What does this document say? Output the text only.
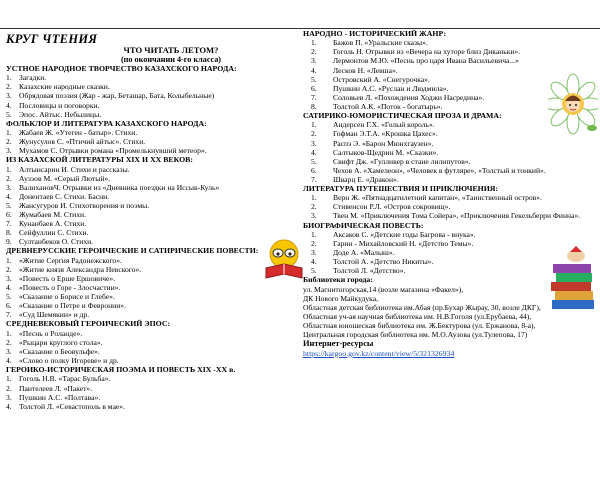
КРУГ ЧТЕНИЯ
ЧТО ЧИТАТЬ ЛЕТОМ?
(по окончании 4-го класса)
УСТНОЕ НАРОДНОЕ ТВОРЧЕСТВО КАЗАХСКОГО НАРОДА:
1. Загадки.
2. Казахские народные сказки.
3. Обрядовая поэзия (Жар - жар, Беташар, Бата, Колыбельные)
4. Пословицы и поговорки.
5. Эпос. Айтыс. Небылицы.
ФОЛЬКЛОР И ЛИТЕРАТУРА КАЗАХСКОГО НАРОДА:
1. Жабаев Ж. «Утеген - батыр». Стихи.
2. Жунусулов С. «Птичий айтыс». Стихи.
3. Мухамов С. Отрывки романа «Промелькнувший метеор».
ИЗ КАЗАХСКОЙ ЛИТЕРАТУРЫ XIX И XX ВЕКОВ:
1. Алтынсарин И. Стихи и рассказы.
2. Аузэов М. «Серый Лютый».
3. ВалихановЧ. Отрывки из «Дневника поездки на Иссык-Куль»
4. Донентаев С. Стихи. Басни.
5. Жансугуров И. Стихотворения и поэмы.
6. Жумабаев М. Стихи.
7. Кунанбаев А. Стихи.
8. Сейфуллин С. Стихи.
9. Султанбеков О. Стихи.
ДРЕВНЕРУССКИЕ ГЕРОИЧЕСКИЕ И САТИРИЧЕСКИЕ ПОВЕСТИ:
1. «Житие Сергия Радонежского».
2. «Житие князя Александра Невского».
3. «Повесть о Ерше Ершовиче».
4. «Повесть о Горе - Злосчастии».
5. «Сказание о Борисе и Глебе».
6. «Сказание о Петре и Февронии».
7. «Суд Шемякин» и др.
СРЕДНЕВЕКОВЫЙ ГЕРОИЧЕСКИЙ ЭПОС:
1. «Песнь о Роланде».
2. «Рыцари круглого стола».
3. «Сказание о Беовульфе».
4. «Слово о полку Игореве» и др.
ГЕРОИКО-ИСТОРИЧЕСКАЯ ПОЭМА И ПОВЕСТЬ XIX -XX в.
1. Гоголь Н.В. «Тарас Бульба».
2. Пантелеев Л. «Пакет».
3. Пушкин А.С. «Полтава».
4. Толстой Л. «Севастополь в мае».
НАРОДНО - ИСТОРИЧЕСКИЙ ЖАНР:
1.	Бажов П. «Уральские сказы».
2.	Гоголь Н. Отрывки из «Вечера на хуторе близ Диканьки».
3.	Лермонтов М.Ю. «Песнь про царя Ивана Васильевича...»
4.	Лесков Н. «Левша».
5.	Островский А. «Снегурочка».
6.	Пушкин А.С. «Руслан и Людмила».
7.	Соловьев Л. «Похождения Ходжи Насредина».
8.	Толстой А.К. «Поток - богатырь».
САТИРИКО-ЮМОРИСТИЧЕСКАЯ ПРОЗА И ДРАМА:
1.	Андерсен Г.Х. «Голый король».
2.	Гофман Э.Т.А. «Крошка Цахес».
3.	Распэ Э. «Барон Мюнхгаузен».
4.	Салтыков-Щедрин М. «Сказки».
5.	Свифт Дж. «Гулливер в стане лилипутов».
6.	Чехов А. «Хамелеон», «Человек в футляре», «Толстый и тонкий».
7.	Шварц Е. «Дракон».
ЛИТЕРАТУРА ПУТЕШЕСТВИЯ И ПРИКЛЮЧЕНИЯ:
1.	Верн Ж. «Пятнадцатилетний капитан», «Таинственный остров».
2.	Стивенсон Р.Л. «Остров сокровищ».
3.	Твен М. «Приключения Тома Сойера», «Приключения Гекельберри Финна».
БИОГРАФИЧЕСКАЯ ПОВЕСТЬ:
1.	Аксаков С. «Детские годы Багрова - внука».
2.	Гарин - Михайловский Н. «Детство Темы».
3.	Доде А. «Малыш».
4.	Толстой А. «Детство Никиты».
5.	Толстой Л. «Детство».
Библиотеки города:
ул. Магнитогорская,14 (возле магазина «Факел»),
ДК Нового Майкудука,
Областная детская библиотека им.Абая (пр.Бухар Жырау, 30, возле ДКГ),
Областная уч-ая научная библиотека им. Н.В.Гоголя (ул.Ерубаева, 44),
Областная юношеская библиотека им. Ж.Бектурова (ул. Ержанова, 8-а),
Центральная городская библиотека им. М.О.Аузова (ул.Тулепова, 17)
Интернет-ресурсы
https://kargoo.gov.kz/content/view/5/321326934
